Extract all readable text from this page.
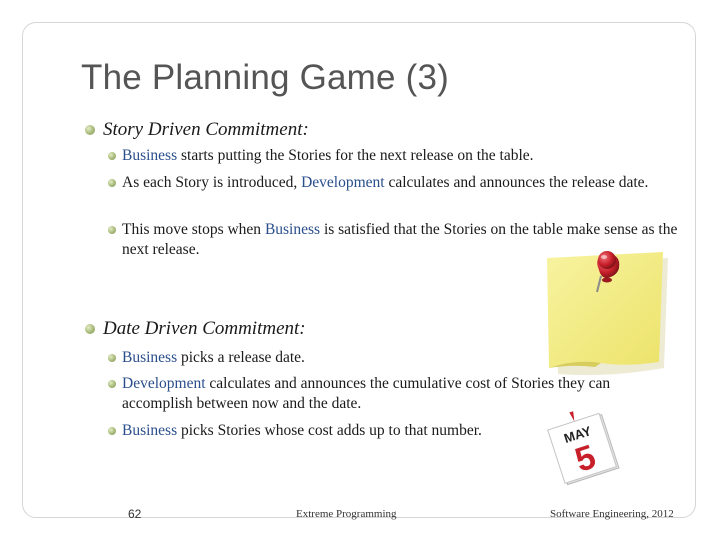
The Planning Game (3)
Story Driven Commitment:
Business starts putting the Stories for the next release on the table.
As each Story is introduced, Development calculates and announces the release date.
This move stops when Business is satisfied that the Stories on the table make sense as the next release.
Date Driven Commitment:
Business picks a release date.
Development calculates and announces the cumulative cost of Stories they can accomplish between now and the date.
Business picks Stories whose cost adds up to that number.	MAY
5
62	Extreme Programming	Software Engineering, 2012
